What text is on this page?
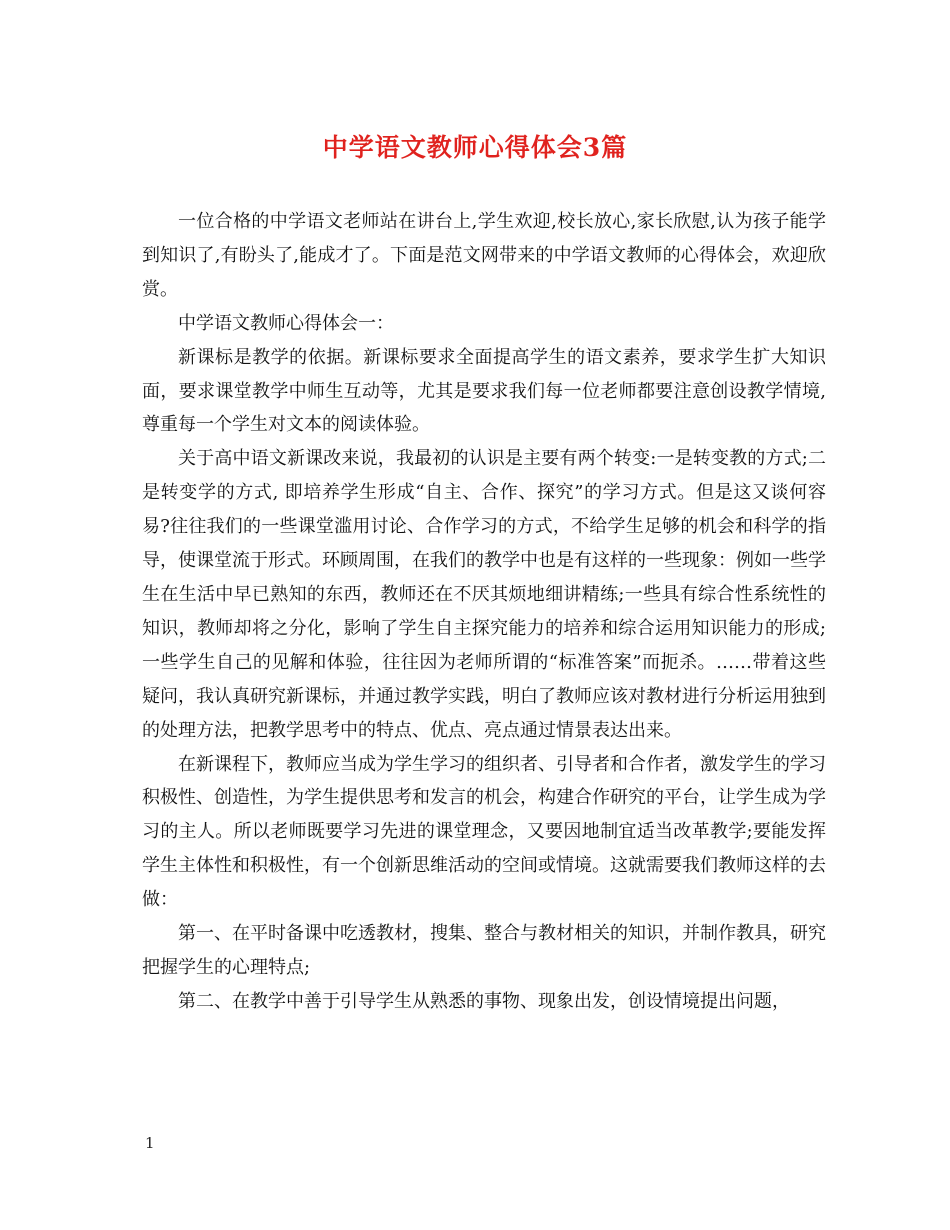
中学语文教师心得体会3篇

一位合格的中学语文老师站在讲台上,学生欢迎,校长放心,家长欣慰,认为孩子能学到知识了,有盼头了,能成才了。下面是范文网带来的中学语文教师的心得体会，欢迎欣赏。

中学语文教师心得体会一：

新课标是教学的依据。新课标要求全面提高学生的语文素养，要求学生扩大知识面，要求课堂教学中师生互动等，尤其是要求我们每一位老师都要注意创设教学情境,尊重每一个学生对文本的阅读体验。

关于高中语文新课改来说，我最初的认识是主要有两个转变:一是转变教的方式;二是转变学的方式, 即培养学生形成“自主、合作、探究”的学习方式。但是这又谈何容易?往往我们的一些课堂滥用讨论、合作学习的方式，不给学生足够的机会和科学的指导，使课堂流于形式。环顾周围，在我们的教学中也是有这样的一些现象：例如一些学生在生活中早已熟知的东西，教师还在不厌其烦地细讲精练;一些具有综合性系统性的知识，教师却将之分化，影响了学生自主探究能力的培养和综合运用知识能力的形成;一些学生自己的见解和体验，往往因为老师所谓的“标准答案”而扼杀。……带着这些疑问，我认真研究新课标，并通过教学实践，明白了教师应该对教材进行分析运用独到的处理方法，把教学思考中的特点、优点、亮点通过情景表达出来。

在新课程下，教师应当成为学生学习的组织者、引导者和合作者，激发学生的学习积极性、创造性，为学生提供思考和发言的机会，构建合作研究的平台，让学生成为学习的主人。所以老师既要学习先进的课堂理念，又要因地制宜适当改革教学;要能发挥学生主体性和积极性，有一个创新思维活动的空间或情境。这就需要我们教师这样的去做：

第一、在平时备课中吃透教材，搜集、整合与教材相关的知识，并制作教具，研究把握学生的心理特点;

第二、在教学中善于引导学生从熟悉的事物、现象出发，创设情境提出问题，

1
